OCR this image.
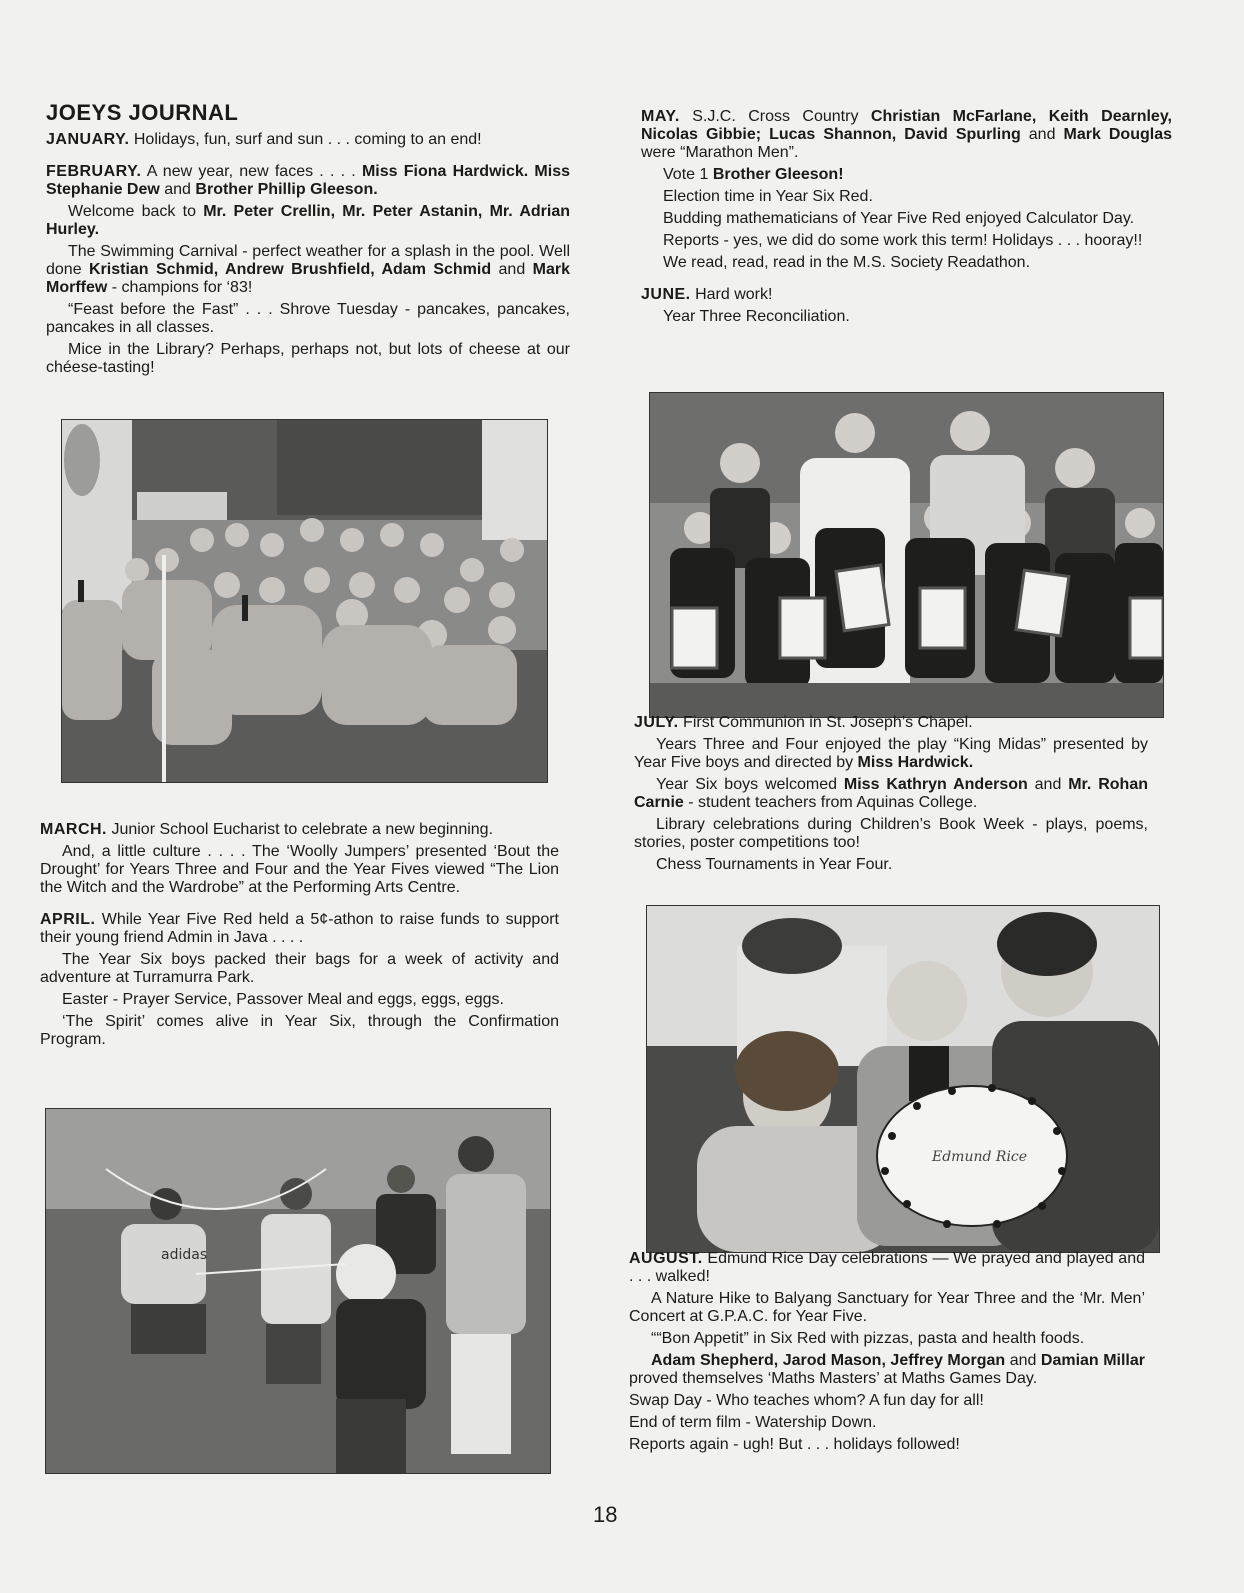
JOEYS JOURNAL

JANUARY. Holidays, fun, surf and sun . . . coming to an end!

FEBRUARY. A new year, new faces . . . . Miss Fiona Hardwick. Miss Stephanie Dew and Brother Phillip Gleeson.

Welcome back to Mr. Peter Crellin, Mr. Peter Astanin, Mr. Adrian Hurley.

The Swimming Carnival - perfect weather for a splash in the pool. Well done Kristian Schmid, Andrew Brushfield, Adam Schmid and Mark Morffew - champions for ‘83!

“Feast before the Fast” . . . Shrove Tuesday - pancakes, pancakes, pancakes in all classes.

Mice in the Library? Perhaps, perhaps not, but lots of cheese at our chéese-tasting!

MARCH. Junior School Eucharist to celebrate a new beginning.

And, a little culture . . . . The ‘Woolly Jumpers’ presented ‘Bout the Drought’ for Years Three and Four and the Year Fives viewed “The Lion the Witch and the Wardrobe” at the Performing Arts Centre.

APRIL. While Year Five Red held a 5¢-athon to raise funds to support their young friend Admin in Java . . . .

The Year Six boys packed their bags for a week of activity and adventure at Turramurra Park.

Easter - Prayer Service, Passover Meal and eggs, eggs, eggs.

‘The Spirit’ comes alive in Year Six, through the Confirmation Program.

adidas

MAY. S.J.C. Cross Country Christian McFarlane, Keith Dearnley, Nicolas Gibbie; Lucas Shannon, David Spurling and Mark Douglas were “Marathon Men”.

Vote 1 Brother Gleeson!

Election time in Year Six Red.

Budding mathematicians of Year Five Red enjoyed Calculator Day.

Reports - yes, we did do some work this term! Holidays . . . hooray!!

We read, read, read in the M.S. Society Readathon.

JUNE. Hard work!

Year Three Reconciliation.

JULY. First Communion in St. Joseph’s Chapel.

Years Three and Four enjoyed the play “King Midas” presented by Year Five boys and directed by Miss Hardwick.

Year Six boys welcomed Miss Kathryn Anderson and Mr. Rohan Carnie - student teachers from Aquinas College.

Library celebrations during Children’s Book Week - plays, poems, stories, poster competitions too!

Chess Tournaments in Year Four.

Edmund Rice

AUGUST. Edmund Rice Day celebrations — We prayed and played and . . . walked!

A Nature Hike to Balyang Sanctuary for Year Three and the ‘Mr. Men’ Concert at G.P.A.C. for Year Five.

““Bon Appetit” in Six Red with pizzas, pasta and health foods.

Adam Shepherd, Jarod Mason, Jeffrey Morgan and Damian Millar proved themselves ‘Maths Masters’ at Maths Games Day.

Swap Day - Who teaches whom? A fun day for all!

End of term film - Watership Down.

Reports again - ugh! But . . . holidays followed!

18
